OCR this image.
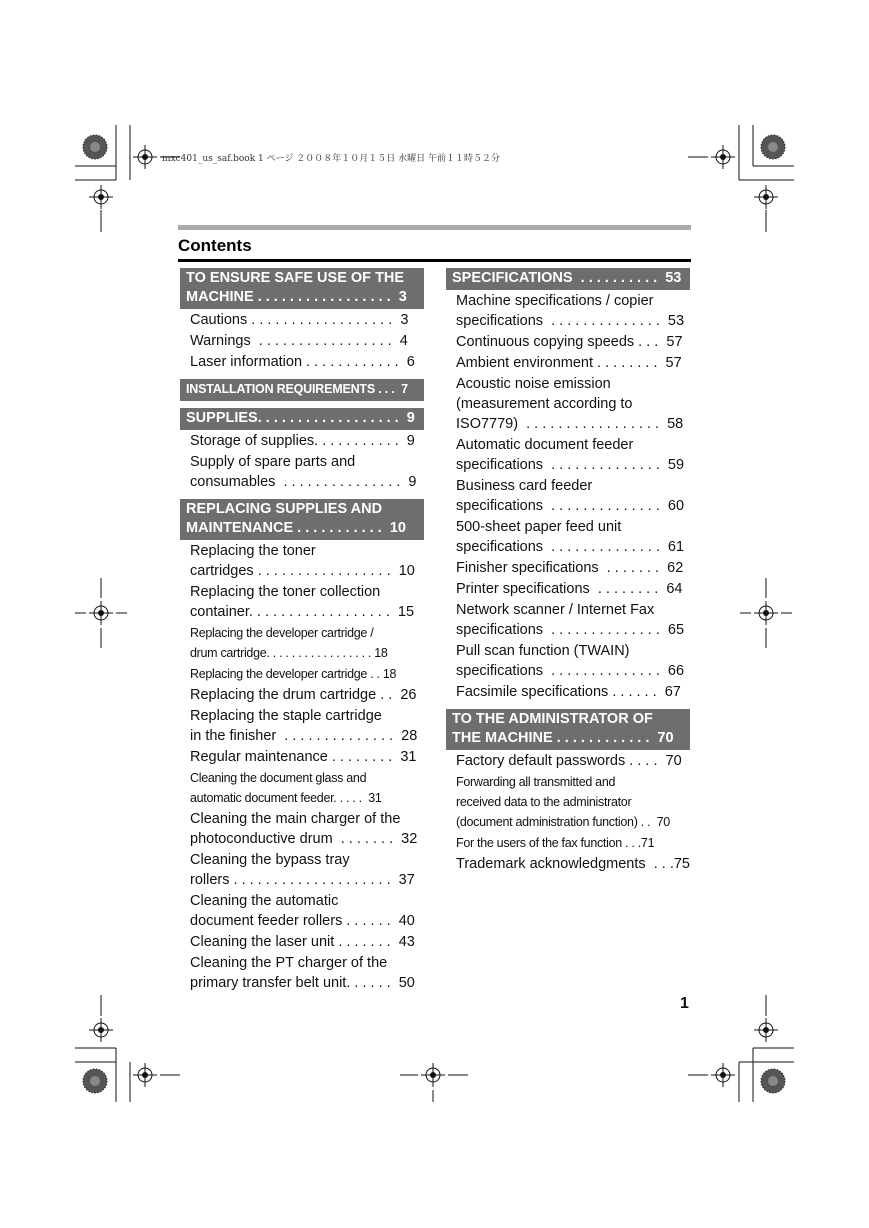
mxc401_us_saf.book 1 ページ ２００８年１０月１５日 水曜日 午前１１時５２分
Contents
TO ENSURE SAFE USE OF THE
MACHINE . . . . . . . . . . . . . . . . .  3
Cautions . . . . . . . . . . . . . . . . . .  3
Warnings  . . . . . . . . . . . . . . . . .  4
Laser information . . . . . . . . . . . .  6
INSTALLATION REQUIREMENTS . . .  7
SUPPLIES. . . . . . . . . . . . . . . . . .  9
Storage of supplies. . . . . . . . . . .  9
Supply of spare parts and
consumables  . . . . . . . . . . . . . . .  9
REPLACING SUPPLIES AND
MAINTENANCE . . . . . . . . . . .  10
Replacing the toner
cartridges . . . . . . . . . . . . . . . . .  10
Replacing the toner collection
container. . . . . . . . . . . . . . . . . .  15
Replacing the developer cartridge /
drum cartridge. . . . . . . . . . . . . . . . . 18
Replacing the developer cartridge . . 18
Replacing the drum cartridge . .  26
Replacing the staple cartridge
in the finisher  . . . . . . . . . . . . . .  28
Regular maintenance . . . . . . . .  31
Cleaning the document glass and
automatic document feeder. . . . .  31
Cleaning the main charger of the
photoconductive drum  . . . . . . .  32
Cleaning the bypass tray
rollers . . . . . . . . . . . . . . . . . . . .  37
Cleaning the automatic
document feeder rollers . . . . . .  40
Cleaning the laser unit . . . . . . .  43
Cleaning the PT charger of the
primary transfer belt unit. . . . . .  50
SPECIFICATIONS  . . . . . . . . . .  53
Machine specifications / copier
specifications  . . . . . . . . . . . . . .  53
Continuous copying speeds . . .  57
Ambient environment . . . . . . . .  57
Acoustic noise emission
(measurement according to
ISO7779)  . . . . . . . . . . . . . . . . .  58
Automatic document feeder
specifications  . . . . . . . . . . . . . .  59
Business card feeder
specifications  . . . . . . . . . . . . . .  60
500-sheet paper feed unit
specifications  . . . . . . . . . . . . . .  61
Finisher specifications  . . . . . . .  62
Printer specifications  . . . . . . . .  64
Network scanner / Internet Fax
specifications  . . . . . . . . . . . . . .  65
Pull scan function (TWAIN)
specifications  . . . . . . . . . . . . . .  66
Facsimile specifications . . . . . .  67
TO THE ADMINISTRATOR OF
THE MACHINE . . . . . . . . . . . .  70
Factory default passwords . . . .  70
Forwarding all transmitted and
received data to the administrator
(document administration function) . .  70
For the users of the fax function . . .71
Trademark acknowledgments  . . .75
1
